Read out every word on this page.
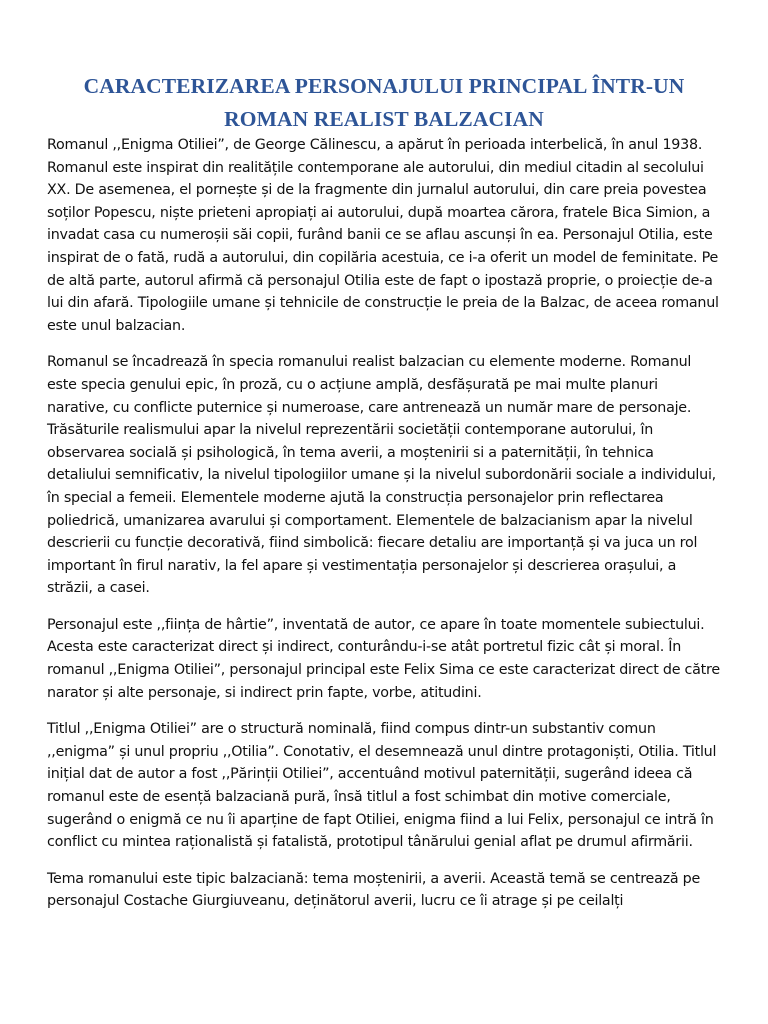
CARACTERIZAREA PERSONAJULUI PRINCIPAL ÎNTR-UN
ROMAN REALIST BALZACIAN

Romanul ,,Enigma Otiliei”, de George Călinescu, a apărut în perioada interbelică, în anul 1938. Romanul este inspirat din realitățile contemporane ale autorului, din mediul citadin al secolului XX. De asemenea, el pornește și de la fragmente din jurnalul autorului, din care preia povestea soților Popescu, niște prieteni apropiați ai autorului, după moartea cărora, fratele Bica Simion, a invadat casa cu numeroșii săi copii, furând banii ce se aflau ascunși în ea. Personajul Otilia, este inspirat de o fată, rudă a autorului, din copilăria acestuia, ce i-a oferit un model de feminitate. Pe de altă parte, autorul afirmă că personajul Otilia este de fapt o ipostază proprie, o proiecție de-a lui din afară. Tipologiile umane și tehnicile de construcție le preia de la Balzac, de aceea romanul este unul balzacian.

Romanul se încadrează în specia romanului realist balzacian cu elemente moderne. Romanul este specia genului epic, în proză, cu o acțiune amplă, desfășurată pe mai multe planuri narative, cu conflicte puternice și numeroase, care antrenează un număr mare de personaje. Trăsăturile realismului apar la nivelul reprezentării societății contemporane autorului, în observarea socială și psihologică, în tema averii, a moștenirii si a paternității, în tehnica detaliului semnificativ, la nivelul tipologiilor umane și la nivelul subordonării sociale a individului, în special a femeii. Elementele moderne ajută la construcția personajelor prin reflectarea poliedrică, umanizarea avarului și comportament. Elementele de balzacianism apar la nivelul descrierii cu funcție decorativă, fiind simbolică: fiecare detaliu are importanță și va juca un rol important în firul narativ, la fel apare și vestimentația personajelor și descrierea orașului, a străzii, a casei.

Personajul este ,,ființa de hârtie”, inventată de autor, ce apare în toate momentele subiectului. Acesta este caracterizat direct și indirect, conturându-i-se atât portretul fizic cât și moral. În romanul ,,Enigma Otiliei”, personajul principal este Felix Sima ce este caracterizat direct de către narator și alte personaje, si indirect prin fapte, vorbe, atitudini.

Titlul ,,Enigma Otiliei” are o structură nominală, fiind compus dintr-un substantiv comun ,,enigma” și unul propriu ,,Otilia”. Conotativ, el desemnează unul dintre protagoniști, Otilia. Titlul inițial dat de autor a fost ,,Părinții Otiliei”, accentuând motivul paternității, sugerând ideea că romanul este de esență balzaciană pură, însă titlul a fost schimbat din motive comerciale, sugerând o enigmă ce nu îi aparține de fapt Otiliei, enigma fiind a lui Felix, personajul ce intră în conflict cu mintea raționalistă și fatalistă, prototipul tânărului genial aflat pe drumul afirmării.

Tema romanului este tipic balzaciană: tema moștenirii, a averii. Această temă se centrează pe personajul Costache Giurgiuveanu, deținătorul averii, lucru ce îi atrage și pe ceilalți
